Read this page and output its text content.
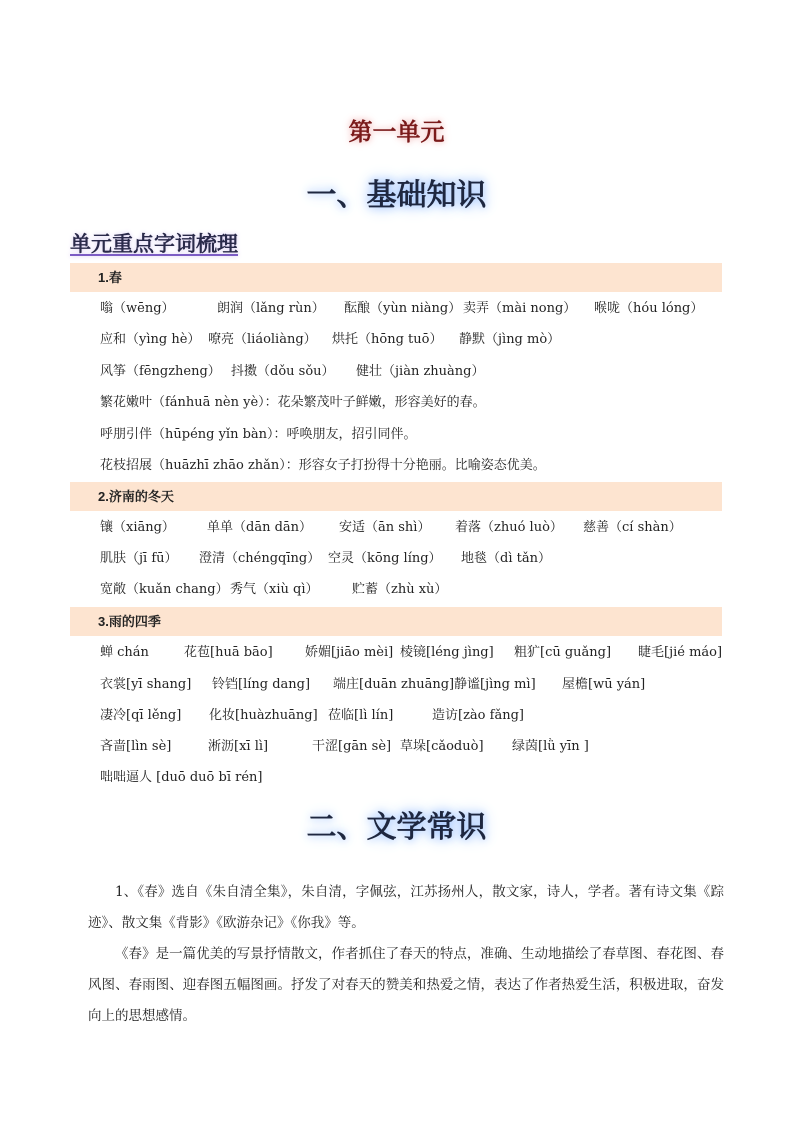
第一单元
一、基础知识
单元重点字词梳理
1.春
嗡（wēng）	朗润（lǎng rùn） 酝酿（yùn niàng） 卖弄（mài nong） 喉咙（hóu lóng）
应和（yìng hè） 嘹亮（liáoliàng） 烘托（hōng tuō） 静默（jìng mò）
风筝（fēngzheng） 抖擞（dǒu sǒu） 健壮（jiàn zhuàng）
繁花嫩叶（fánhuā nèn yè）：花朵繁茂叶子鲜嫩，形容美好的春。
呼朋引伴（hūpéng yǐn bàn）：呼唤朋友，招引同伴。
花枝招展（huāzhī zhāo zhǎn）：形容女子打扮得十分艳丽。比喻姿态优美。
2.济南的冬天
镶（xiāng） 单单（dān dān） 安适（ān shì） 着落（zhuó luò） 慈善（cí shàn）
肌肤（jī fū） 澄清（chéngqīng） 空灵（kōng líng） 地毯（dì tǎn）
宽敞（kuǎn chang） 秀气（xiù qì）	贮蓄（zhù xù）
3.雨的四季
蝉 chán	花苞[huā bāo] 娇媚[jiāo mèi] 棱镜[léng jìng] 粗犷[cū guǎng] 睫毛[jié máo]
衣裳[yī shang] 铃铛[líng dang] 端庄[duān zhuāng] 静谧[jìng mì] 屋檐[wū yán]
凄冷[qī lěng] 化妆[huàzhuāng] 莅临[lì lín]	造访[zào fǎng]
吝啬[lìn sè]	淅沥[xī lì]	干涩[gān sè] 草垛[cǎoduò] 绿茵[lǜ yīn ]
咄咄逼人 [duō duō bī rén]
二、文学常识

1、《春》选自《朱自清全集》，朱自清，字佩弦，江苏扬州人，散文家，诗人，学者。著有诗文集《踪迹》、散文集《背影》《欧游杂记》《你我》等。

《春》是一篇优美的写景抒情散文，作者抓住了春天的特点，准确、生动地描绘了春草图、春花图、春风图、春雨图、迎春图五幅图画。抒发了对春天的赞美和热爱之情，表达了作者热爱生活，积极进取，奋发向上的思想感情。
